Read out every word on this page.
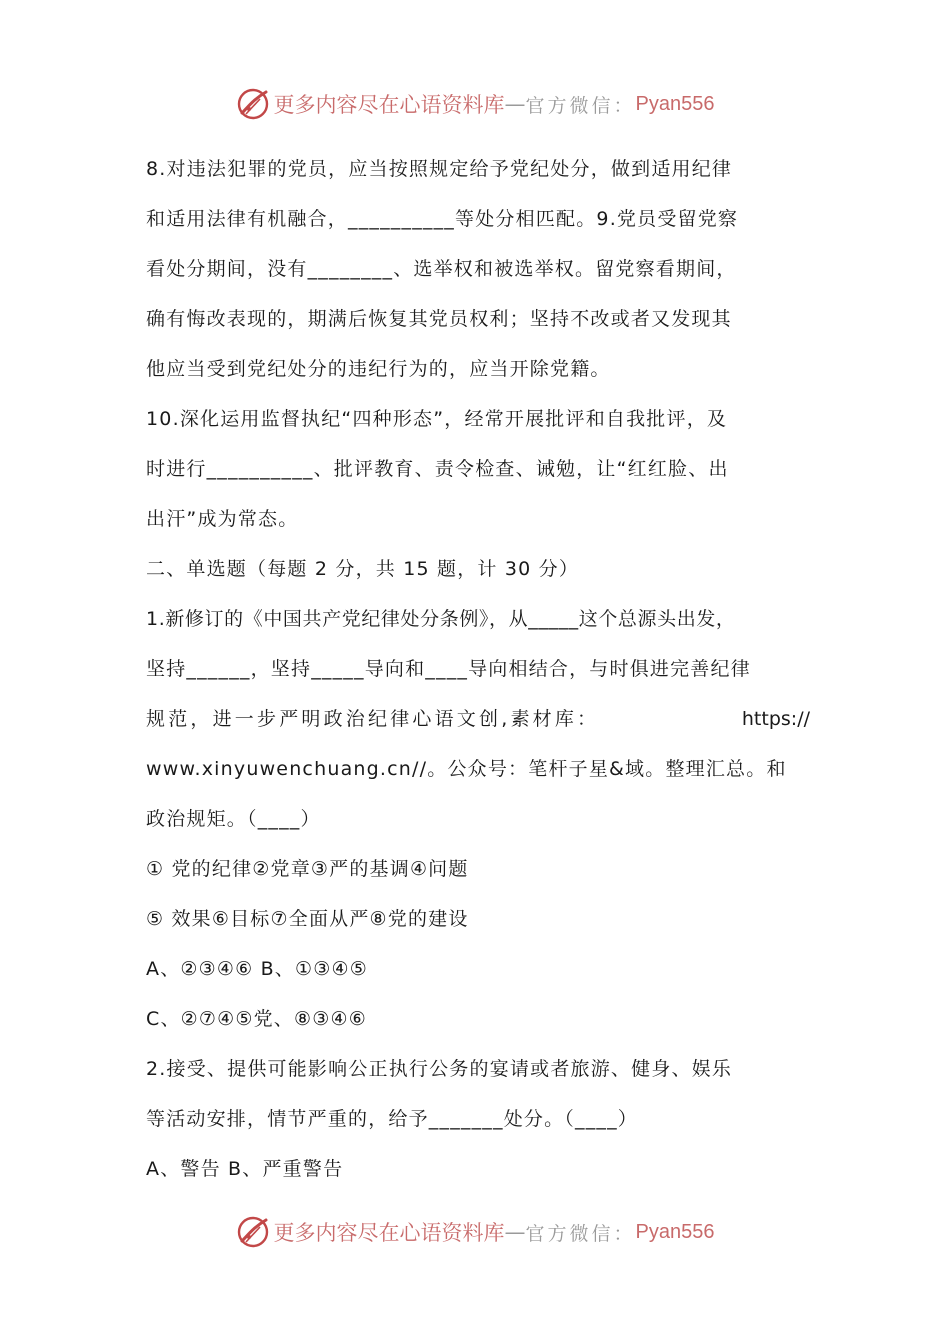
更多内容尽在心语资料库 — 官方微信： Pyan556
8.对违法犯罪的党员，应当按照规定给予党纪处分，做到适用纪律
和适用法律有机融合，__________等处分相匹配。9.党员受留党察
看处分期间，没有________、选举权和被选举权。留党察看期间，
确有悔改表现的，期满后恢复其党员权利；坚持不改或者又发现其
他应当受到党纪处分的违纪行为的，应当开除党籍。
10.深化运用监督执纪“四种形态”，经常开展批评和自我批评，及
时进行__________、批评教育、责令检查、诫勉，让“红红脸、出
出汗”成为常态。
二、单选题（每题 2 分，共 15 题，计 30 分）
1.新修订的《中国共产党纪律处分条例》，从_____这个总源头出发，
坚持______，坚持_____导向和____导向相结合，与时俱进完善纪律
规范，进一步严明政治纪律心语文创,素材库：	https://
www.xinyuwenchuang.cn//。公众号：笔杆子星&域。整理汇总。和
政治规矩。（____）
① 党的纪律②党章③严的基调④问题
⑤ 效果⑥目标⑦全面从严⑧党的建设
A、②③④⑥ B、①③④⑤
C、②⑦④⑤党、⑧③④⑥
2.接受、提供可能影响公正执行公务的宴请或者旅游、健身、娱乐
等活动安排，情节严重的，给予_______处分。（____）
A、警告 B、严重警告
更多内容尽在心语资料库 — 官方微信： Pyan556
